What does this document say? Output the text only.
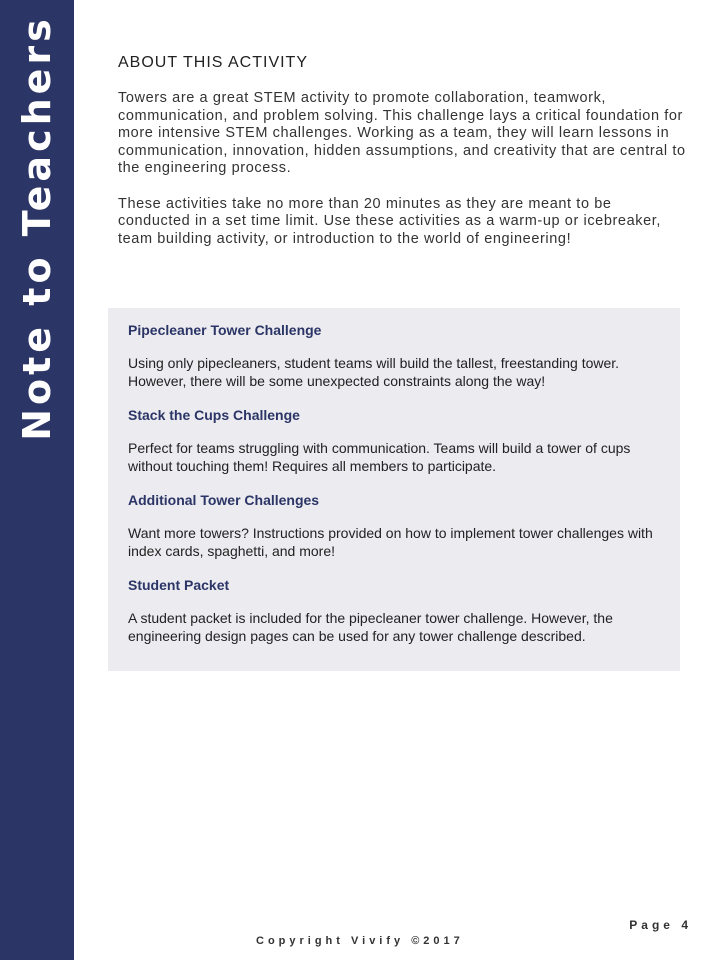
Note to Teachers	ABOUT THIS ACTIVITY

Towers are a great STEM activity to promote collaboration, teamwork, communication, and problem solving. This challenge lays a critical foundation for more intensive STEM challenges. Working as a team, they will learn lessons in communication, innovation, hidden assumptions, and creativity that are central to the engineering process.

These activities take no more than 20 minutes as they are meant to be conducted in a set time limit. Use these activities as a warm-up or icebreaker, team building activity, or introduction to the world of engineering!

Pipecleaner Tower Challenge
Using only pipecleaners, student teams will build the tallest, freestanding tower. However, there will be some unexpected constraints along the way!
Stack the Cups Challenge
Perfect for teams struggling with communication. Teams will build a tower of cups without touching them! Requires all members to participate.
Additional Tower Challenges
Want more towers? Instructions provided on how to implement tower challenges with index cards, spaghetti, and more!
Student Packet
A student packet is included for the pipecleaner tower challenge. However, the engineering design pages can be used for any tower challenge described.
Page 4
Copyright Vivify ©2017
